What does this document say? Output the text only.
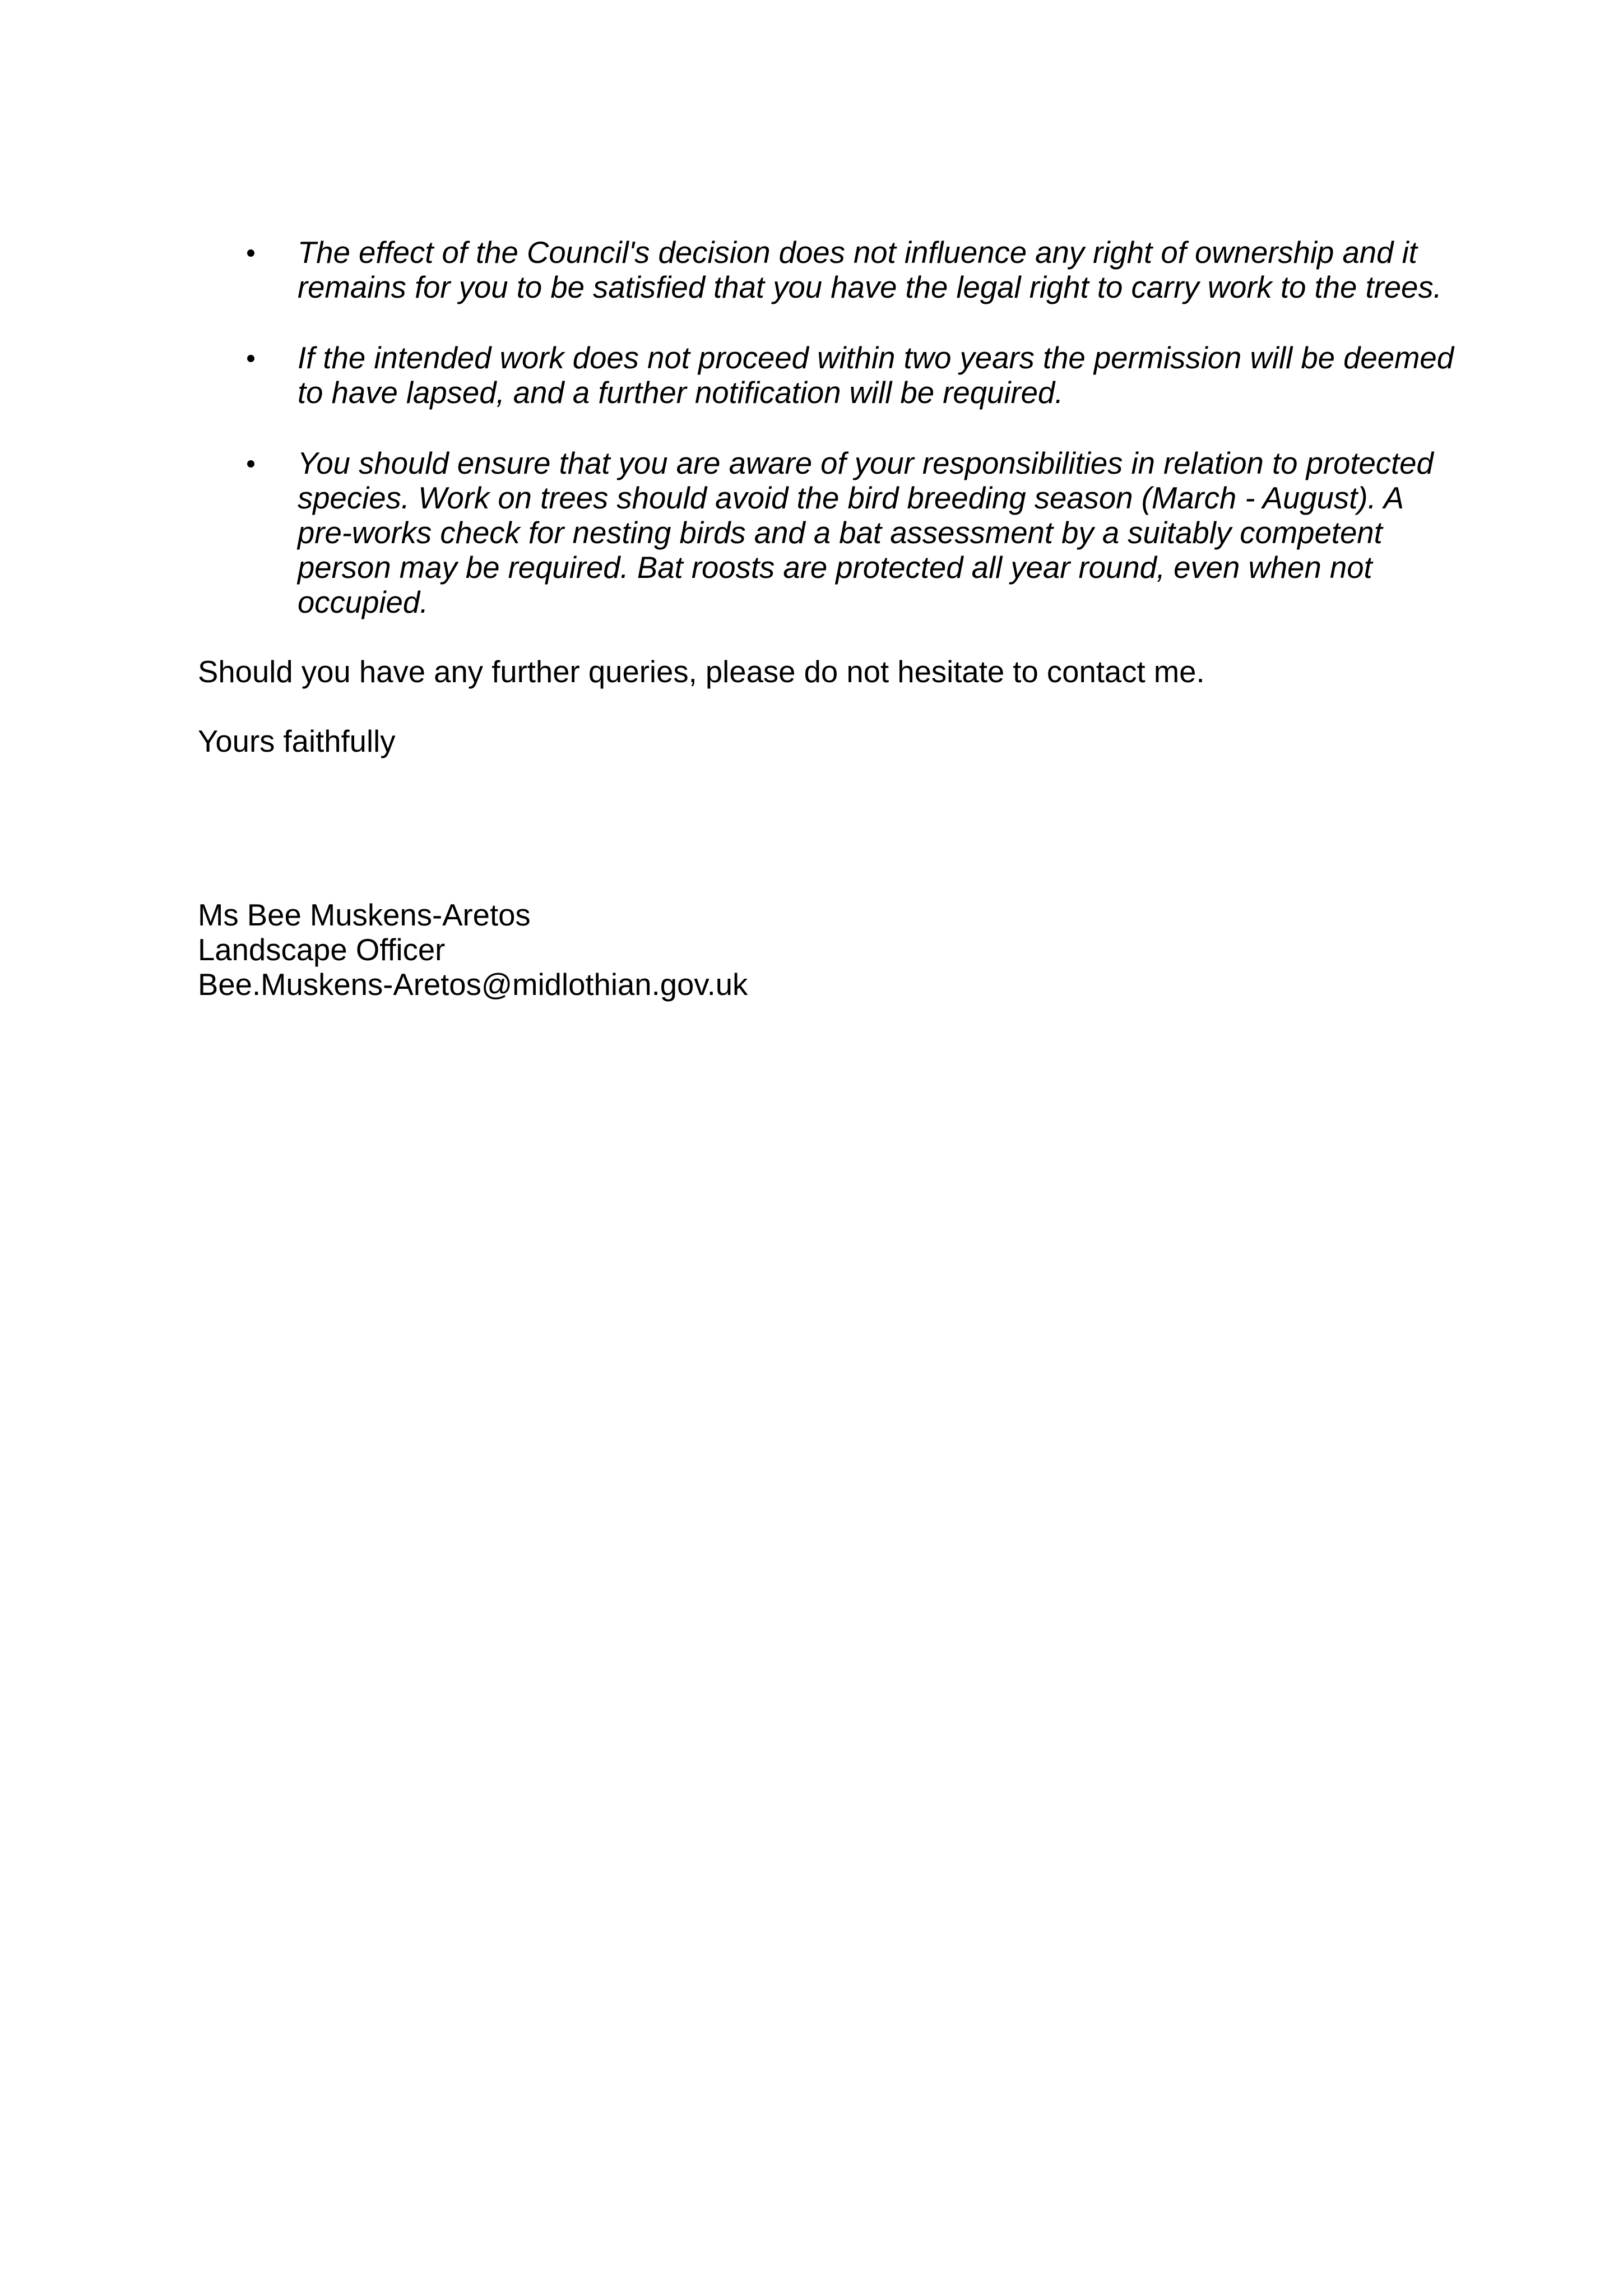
The effect of the Council's decision does not influence any right of ownership and it remains for you to be satisfied that you have the legal right to carry work to the trees.
If the intended work does not proceed within two years the permission will be deemed to have lapsed, and a further notification will be required.
You should ensure that you are aware of your responsibilities in relation to protected species. Work on trees should avoid the bird breeding season (March - August). A pre-works check for nesting birds and a bat assessment by a suitably competent person may be required. Bat roosts are protected all year round, even when not occupied.

Should you have any further queries, please do not hesitate to contact me.

Yours faithfully

Ms Bee Muskens-Aretos

Landscape Officer

Bee.Muskens-Aretos@midlothian.gov.uk
